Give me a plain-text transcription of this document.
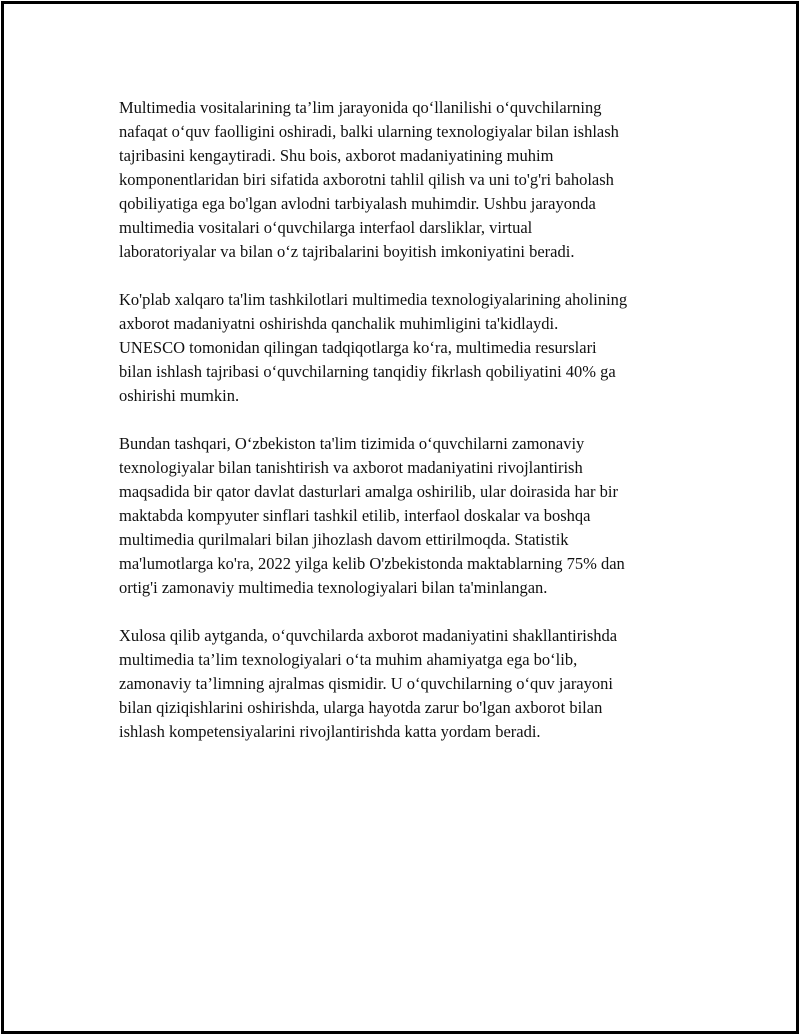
Multimedia vositalarining ta’lim jarayonida qo‘llanilishi o‘quvchilarning
nafaqat o‘quv faolligini oshiradi, balki ularning texnologiyalar bilan ishlash
tajribasini kengaytiradi. Shu bois, axborot madaniyatining muhim
komponentlaridan biri sifatida axborotni tahlil qilish va uni to'g'ri baholash
qobiliyatiga ega bo'lgan avlodni tarbiyalash muhimdir. Ushbu jarayonda
multimedia vositalari o‘quvchilarga interfaol darsliklar, virtual
laboratoriyalar va bilan o‘z tajribalarini boyitish imkoniyatini beradi.

Ko'plab xalqaro ta'lim tashkilotlari multimedia texnologiyalarining aholining
axborot madaniyatni oshirishda qanchalik muhimligini ta'kidlaydi.
UNESCO tomonidan qilingan tadqiqotlarga ko‘ra, multimedia resurslari
bilan ishlash tajribasi o‘quvchilarning tanqidiy fikrlash qobiliyatini 40% ga
oshirishi mumkin.

Bundan tashqari, O‘zbekiston ta'lim tizimida o‘quvchilarni zamonaviy
texnologiyalar bilan tanishtirish va axborot madaniyatini rivojlantirish
maqsadida bir qator davlat dasturlari amalga oshirilib, ular doirasida har bir
maktabda kompyuter sinflari tashkil etilib, interfaol doskalar va boshqa
multimedia qurilmalari bilan jihozlash davom ettirilmoqda. Statistik
ma'lumotlarga ko'ra, 2022 yilga kelib O'zbekistonda maktablarning 75% dan
ortig'i zamonaviy multimedia texnologiyalari bilan ta'minlangan.

Xulosa qilib aytganda, o‘quvchilarda axborot madaniyatini shakllantirishda
multimedia ta’lim texnologiyalari o‘ta muhim ahamiyatga ega bo‘lib,
zamonaviy ta’limning ajralmas qismidir. U o‘quvchilarning o‘quv jarayoni
bilan qiziqishlarini oshirishda, ularga hayotda zarur bo'lgan axborot bilan
ishlash kompetensiyalarini rivojlantirishda katta yordam beradi.
